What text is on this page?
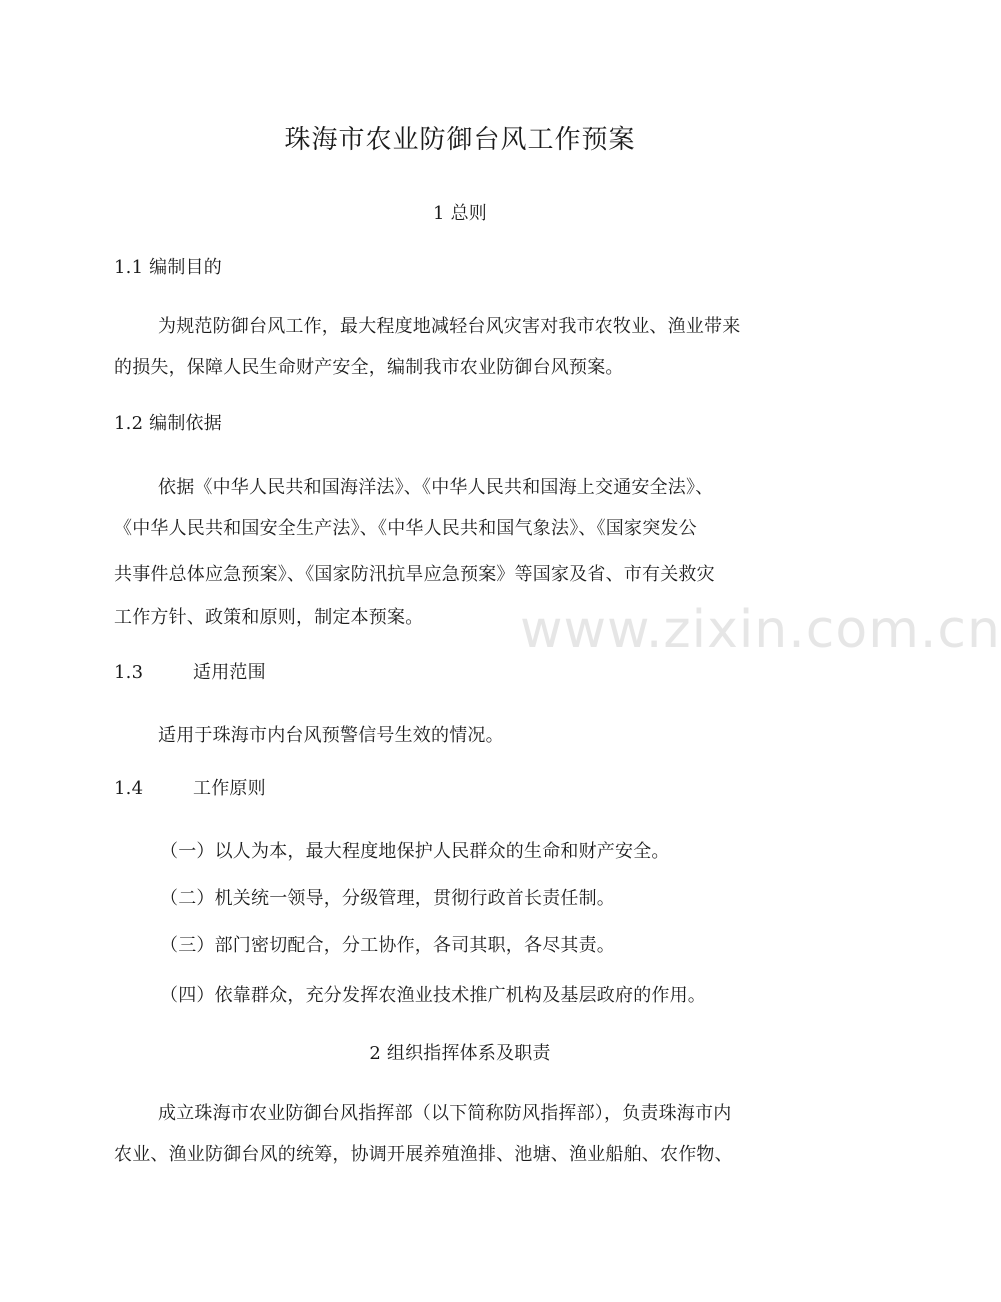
珠海市农业防御台风工作预案
1 总则
1.1 编制目的
为规范防御台风工作，最大程度地减轻台风灾害对我市农牧业、渔业带来
的损失，保障人民生命财产安全，编制我市农业防御台风预案。
1.2 编制依据
依据《中华人民共和国海洋法》、《中华人民共和国海上交通安全法》、
《中华人民共和国安全生产法》、《中华人民共和国气象法》、《国家突发公
共事件总体应急预案》、《国家防汛抗旱应急预案》等国家及省、市有关救灾
工作方针、政策和原则，制定本预案。
1.3	适用范围
适用于珠海市内台风预警信号生效的情况。
1.4	工作原则
（一）以人为本，最大程度地保护人民群众的生命和财产安全。
（二）机关统一领导，分级管理，贯彻行政首长责任制。
（三）部门密切配合，分工协作，各司其职，各尽其责。
（四）依靠群众，充分发挥农渔业技术推广机构及基层政府的作用。
2 组织指挥体系及职责
成立珠海市农业防御台风指挥部（以下简称防风指挥部），负责珠海市内
农业、渔业防御台风的统筹，协调开展养殖渔排、池塘、渔业船舶、农作物、
www.zixin.com.cn
